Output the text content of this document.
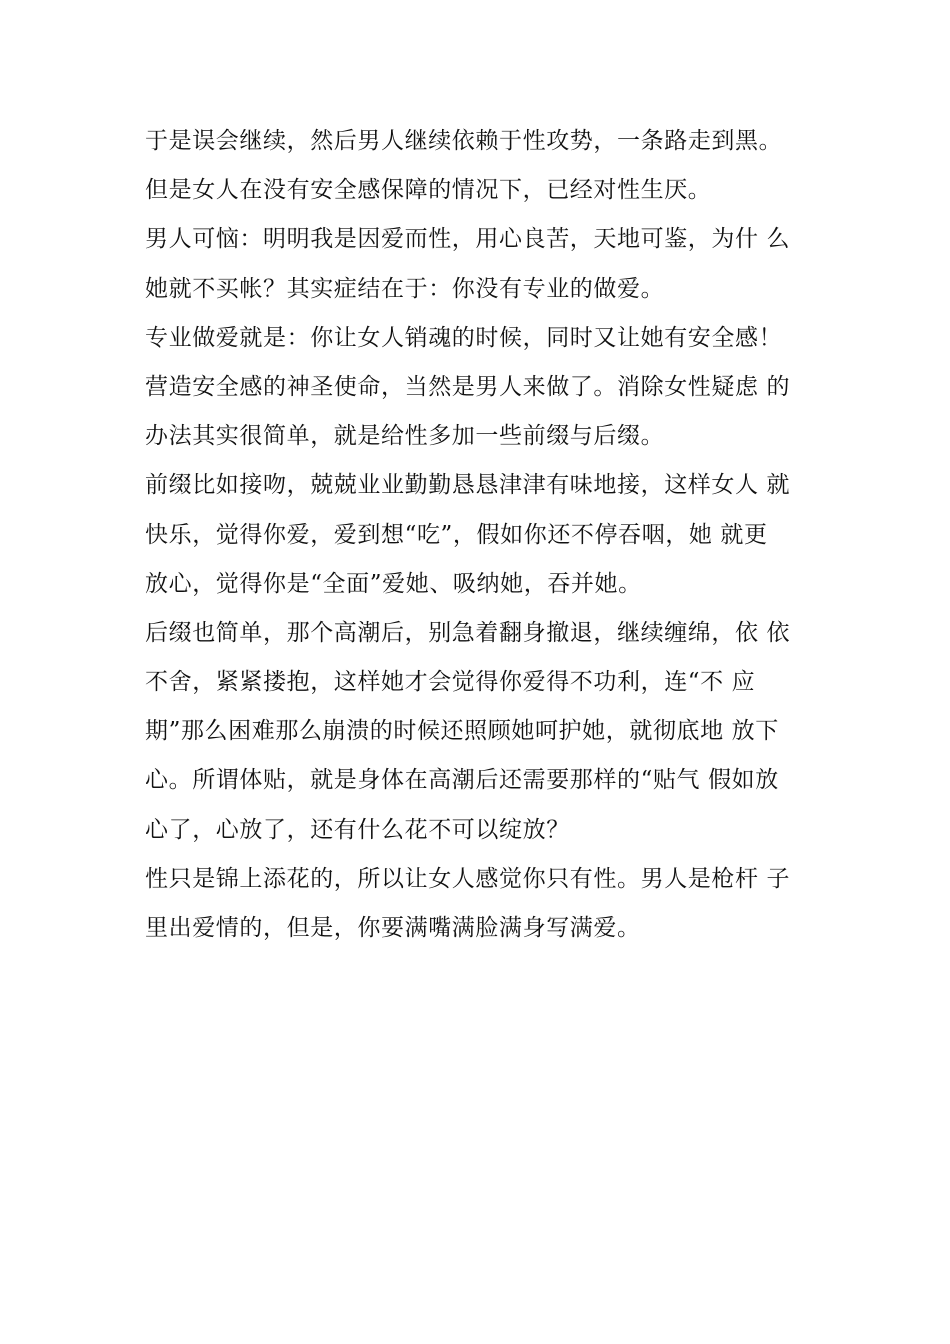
于是误会继续，然后男人继续依赖于性攻势，一条路走到黑。
但是女人在没有安全感保障的情况下，已经对性生厌。
男人可恼：明明我是因爱而性，用心良苦，天地可鉴，为什 么
她就不买帐？其实症结在于：你没有专业的做爱。
专业做爱就是：你让女人销魂的时候，同时又让她有安全感！
营造安全感的神圣使命，当然是男人来做了。消除女性疑虑 的
办法其实很简单，就是给性多加一些前缀与后缀。
前缀比如接吻，兢兢业业勤勤恳恳津津有味地接，这样女人 就
快乐，觉得你爱，爱到想“吃”，假如你还不停吞咽，她 就更
放心，觉得你是“全面”爱她、吸纳她，吞并她。
后缀也简单，那个高潮后，别急着翻身撤退，继续缠绵，依 依
不舍，紧紧搂抱，这样她才会觉得你爱得不功利，连“不 应
期”那么困难那么崩溃的时候还照顾她呵护她，就彻底地 放下
心。所谓体贴，就是身体在高潮后还需要那样的“贴气 假如放
心了，心放了，还有什么花不可以绽放？
性只是锦上添花的，所以让女人感觉你只有性。男人是枪杆 子
里出爱情的，但是，你要满嘴满脸满身写满爱。
